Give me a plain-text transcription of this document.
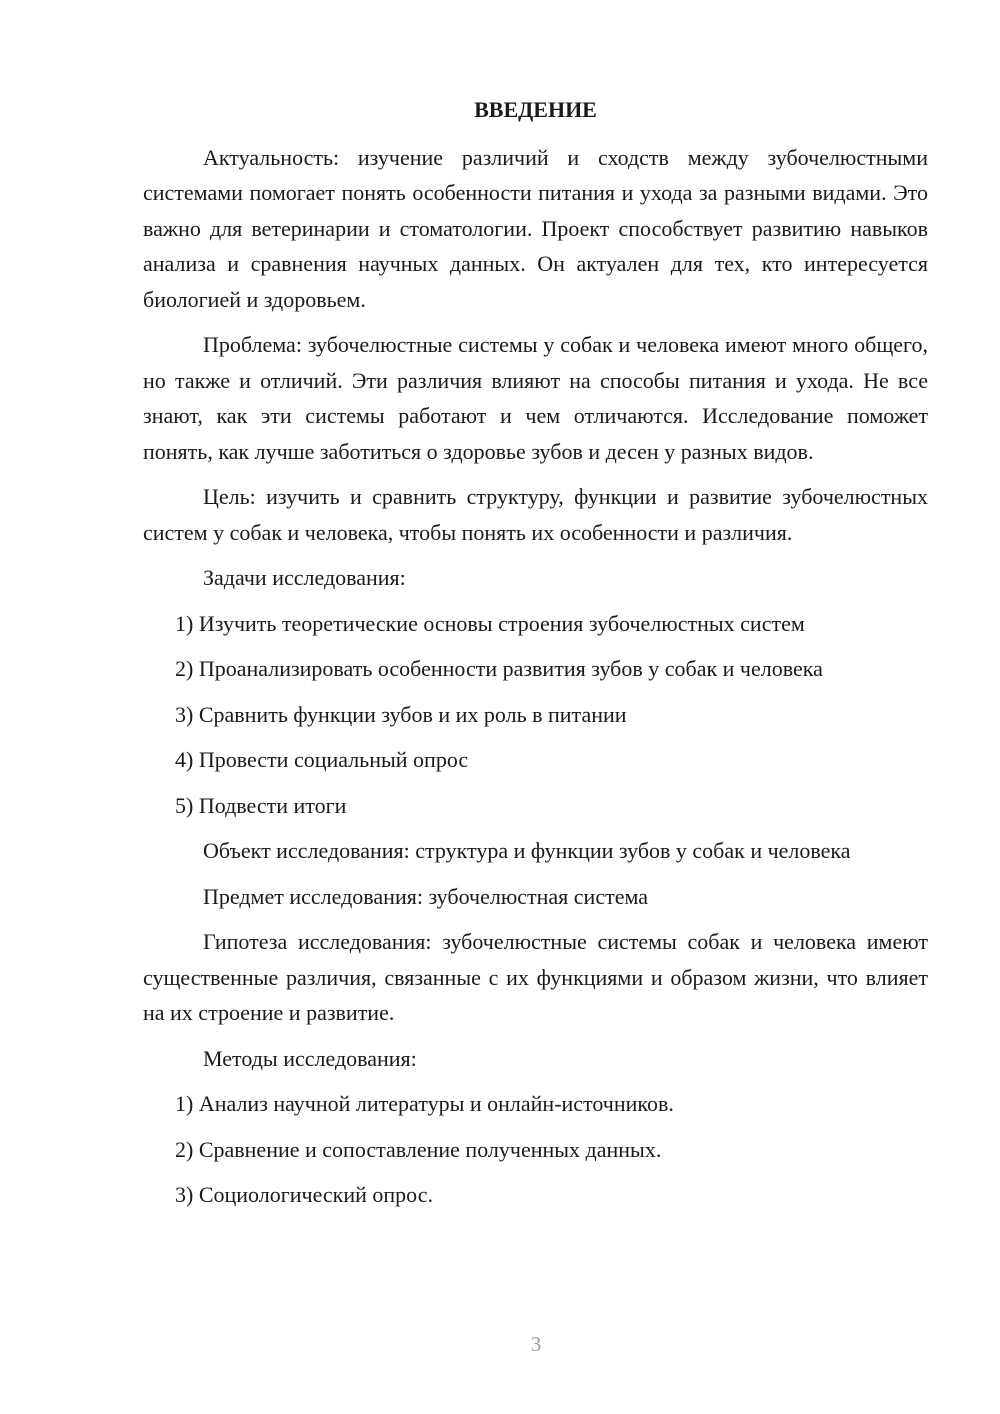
ВВЕДЕНИЕ

Актуальность: изучение различий и сходств между зубочелюстными системами помогает понять особенности питания и ухода за разными видами. Это важно для ветеринарии и стоматологии. Проект способствует развитию навыков анализа и сравнения научных данных. Он актуален для тех, кто интересуется биологией и здоровьем.

Проблема: зубочелюстные системы у собак и человека имеют много общего, но также и отличий. Эти различия влияют на способы питания и ухода. Не все знают, как эти системы работают и чем отличаются. Исследование поможет понять, как лучше заботиться о здоровье зубов и десен у разных видов.

Цель: изучить и сравнить структуру, функции и развитие зубочелюстных систем у собак и человека, чтобы понять их особенности и различия.

Задачи исследования:

1) Изучить теоретические основы строения зубочелюстных систем
2) Проанализировать особенности развития зубов у собак и человека
3) Сравнить функции зубов и их роль в питании
4) Провести социальный опрос
5) Подвести итоги

Объект исследования: структура и функции зубов у собак и человека

Предмет исследования: зубочелюстная система

Гипотеза исследования: зубочелюстные системы собак и человека имеют существенные различия, связанные с их функциями и образом жизни, что влияет на их строение и развитие.

Методы исследования:

1) Анализ научной литературы и онлайн-источников.
2) Сравнение и сопоставление полученных данных.
3) Социологический опрос.
3
